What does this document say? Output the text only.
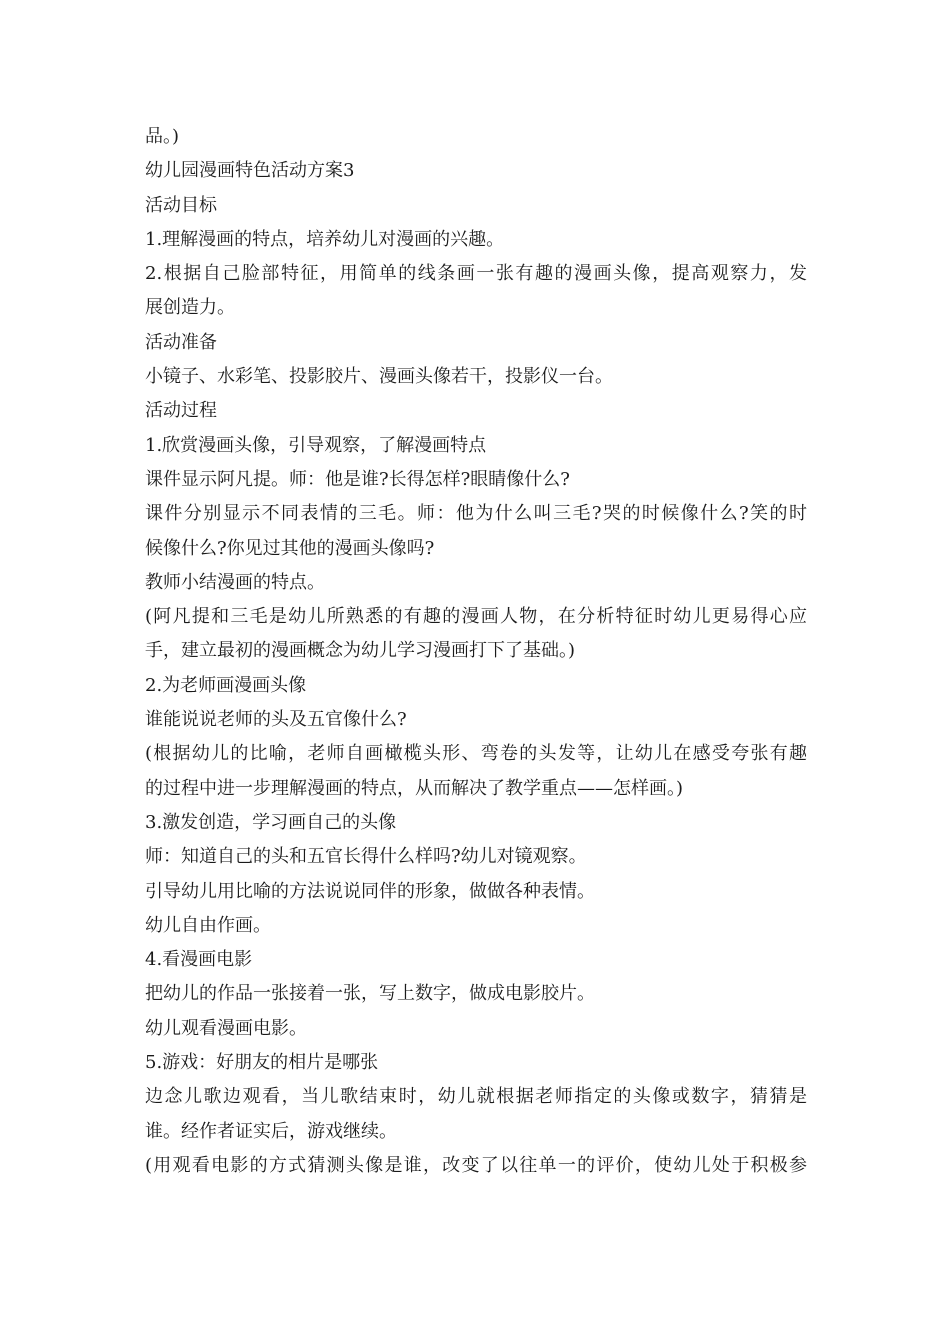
品。)
幼儿园漫画特色活动方案3
活动目标
1.理解漫画的特点，培养幼儿对漫画的兴趣。
2.根据自己脸部特征，用简单的线条画一张有趣的漫画头像，提高观察力，发
展创造力。
活动准备
小镜子、水彩笔、投影胶片、漫画头像若干，投影仪一台。
活动过程
1.欣赏漫画头像，引导观察，了解漫画特点
课件显示阿凡提。师：他是谁?长得怎样?眼睛像什么?
课件分别显示不同表情的三毛。师：他为什么叫三毛?哭的时候像什么?笑的时
候像什么?你见过其他的漫画头像吗?
教师小结漫画的特点。
(阿凡提和三毛是幼儿所熟悉的有趣的漫画人物，在分析特征时幼儿更易得心应
手，建立最初的漫画概念为幼儿学习漫画打下了基础。)
2.为老师画漫画头像
谁能说说老师的头及五官像什么?
(根据幼儿的比喻，老师自画橄榄头形、弯卷的头发等，让幼儿在感受夸张有趣
的过程中进一步理解漫画的特点，从而解决了教学重点——怎样画。)
3.激发创造，学习画自己的头像
师：知道自己的头和五官长得什么样吗?幼儿对镜观察。
引导幼儿用比喻的方法说说同伴的形象，做做各种表情。
幼儿自由作画。
4.看漫画电影
把幼儿的作品一张接着一张，写上数字，做成电影胶片。
幼儿观看漫画电影。
5.游戏：好朋友的相片是哪张
边念儿歌边观看，当儿歌结束时，幼儿就根据老师指定的头像或数字，猜猜是
谁。经作者证实后，游戏继续。
(用观看电影的方式猜测头像是谁，改变了以往单一的评价，使幼儿处于积极参
